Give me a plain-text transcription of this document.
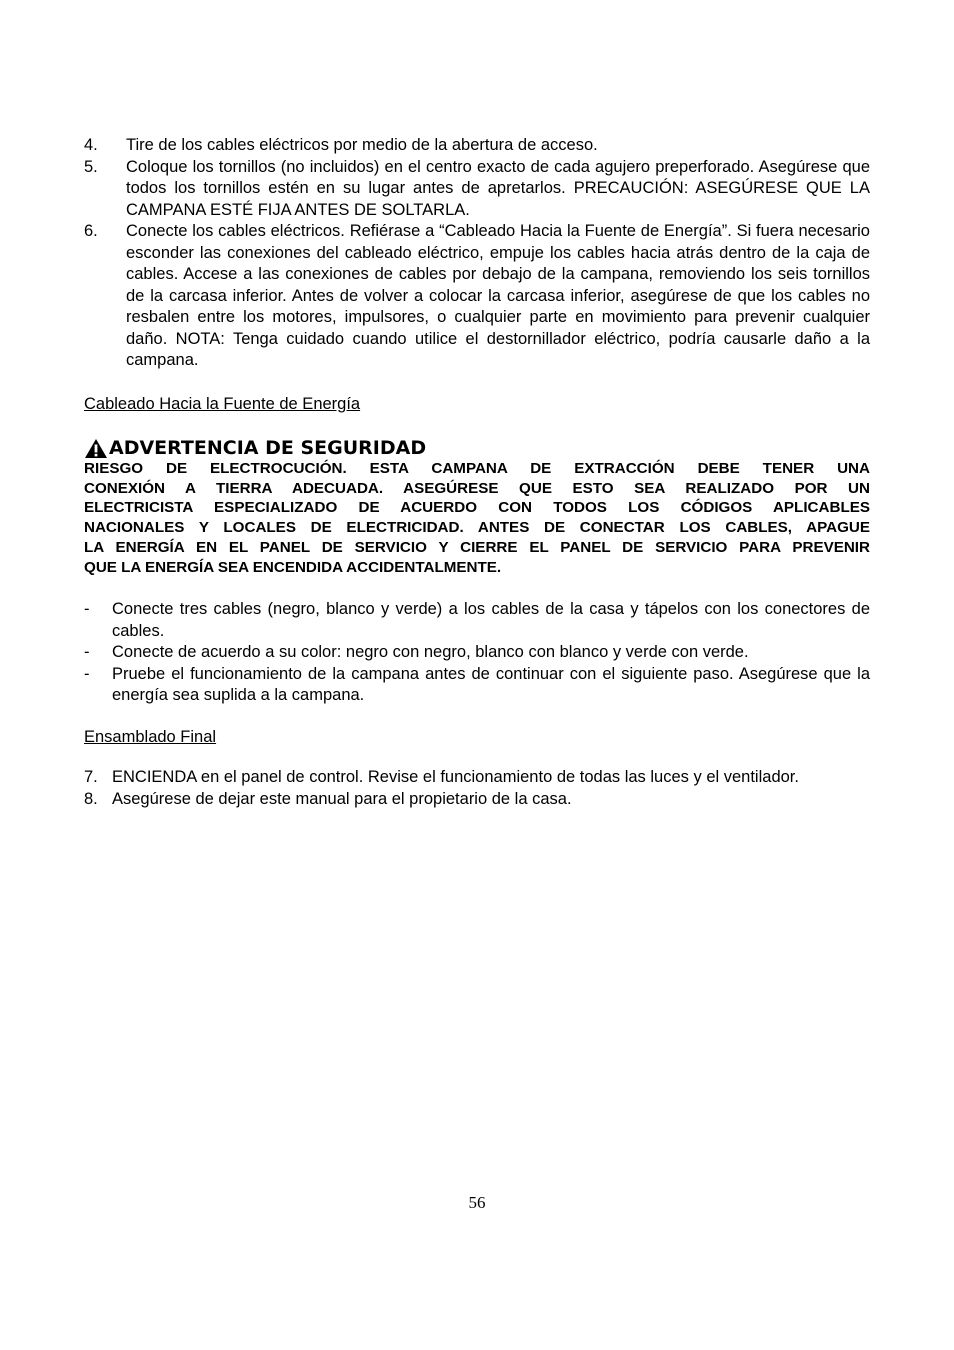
4.	Tire de los cables eléctricos por medio de la abertura de acceso.
5.	Coloque los tornillos (no incluidos) en el centro exacto de cada agujero preperforado. Asegúrese que todos los tornillos estén en su lugar antes de apretarlos. PRECAUCIÓN: ASEGÚRESE QUE LA CAMPANA ESTÉ FIJA ANTES DE SOLTARLA.
6.	Conecte los cables eléctricos. Refiérase a “Cableado Hacia la Fuente de Energía”. Si fuera necesario esconder las conexiones del cableado eléctrico, empuje los cables hacia atrás dentro de la caja de cables. Accese a las conexiones de cables por debajo de la campana, removiendo los seis tornillos de la carcasa inferior. Antes de volver a colocar la carcasa inferior, asegúrese de que los cables no resbalen entre los motores, impulsores, o cualquier parte en movimiento para prevenir cualquier daño. NOTA: Tenga cuidado cuando utilice el destornillador eléctrico, podría causarle daño a la campana.
Cableado Hacia la Fuente de Energía
ADVERTENCIA DE SEGURIDAD
RIESGO DE ELECTROCUCIÓN. ESTA CAMPANA DE EXTRACCIÓN DEBE TENER UNA
CONEXIÓN A TIERRA ADECUADA. ASEGÚRESE QUE ESTO SEA REALIZADO POR UN
ELECTRICISTA ESPECIALIZADO DE ACUERDO CON TODOS LOS CÓDIGOS APLICABLES
NACIONALES Y LOCALES DE ELECTRICIDAD. ANTES DE CONECTAR LOS CABLES, APAGUE
LA ENERGÍA EN EL PANEL DE SERVICIO Y CIERRE EL PANEL DE SERVICIO PARA PREVENIR
QUE LA ENERGÍA SEA ENCENDIDA ACCIDENTALMENTE.
-	Conecte tres cables (negro, blanco y verde) a los cables de la casa y tápelos con los conectores de cables.
-	Conecte de acuerdo a su color: negro con negro, blanco con blanco y verde con verde.
-	Pruebe el funcionamiento de la campana antes de continuar con el siguiente paso. Asegúrese que la energía sea suplida a la campana.
Ensamblado Final
7. ENCIENDA en el panel de control. Revise el funcionamiento de todas las luces y el ventilador.
8. Asegúrese de dejar este manual para el propietario de la casa.
56
